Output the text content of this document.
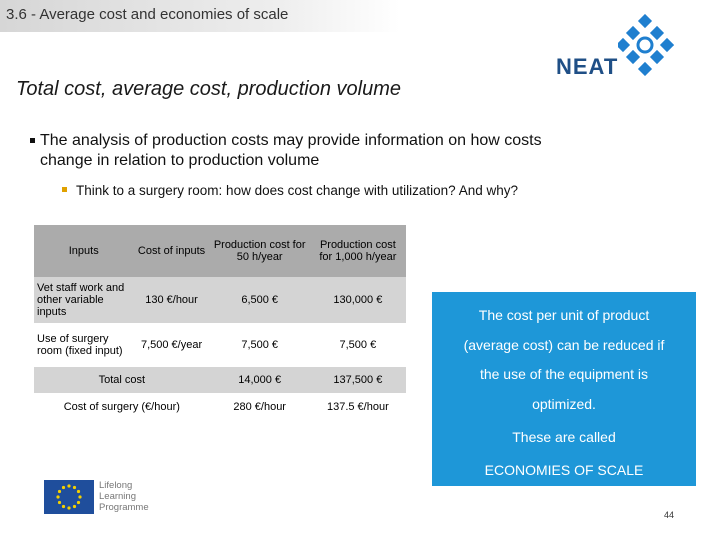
3.6 - Average cost and economies of scale
NEAT
Total cost, average cost, production volume
The analysis of production costs may provide information on how costs
change in relation to production volume
Think to a surgery room: how does cost change with utilization? And why?
Inputs	Cost of inputs	Production cost for 50 h/year	Production cost for 1,000 h/year
Vet staff work and other variable inputs	130 €/hour	6,500 €	130,000 €
Use of surgery room (fixed input)	7,500 €/year	7,500 €	7,500 €
Total cost		14,000 €	137,500 €
Cost of surgery (€/hour)		280 €/hour	137.5 €/hour
The cost per unit of product
(average cost) can be reduced if
the use of the equipment is
optimized.
These are called
ECONOMIES OF SCALE
Lifelong
Learning
Programme
44
